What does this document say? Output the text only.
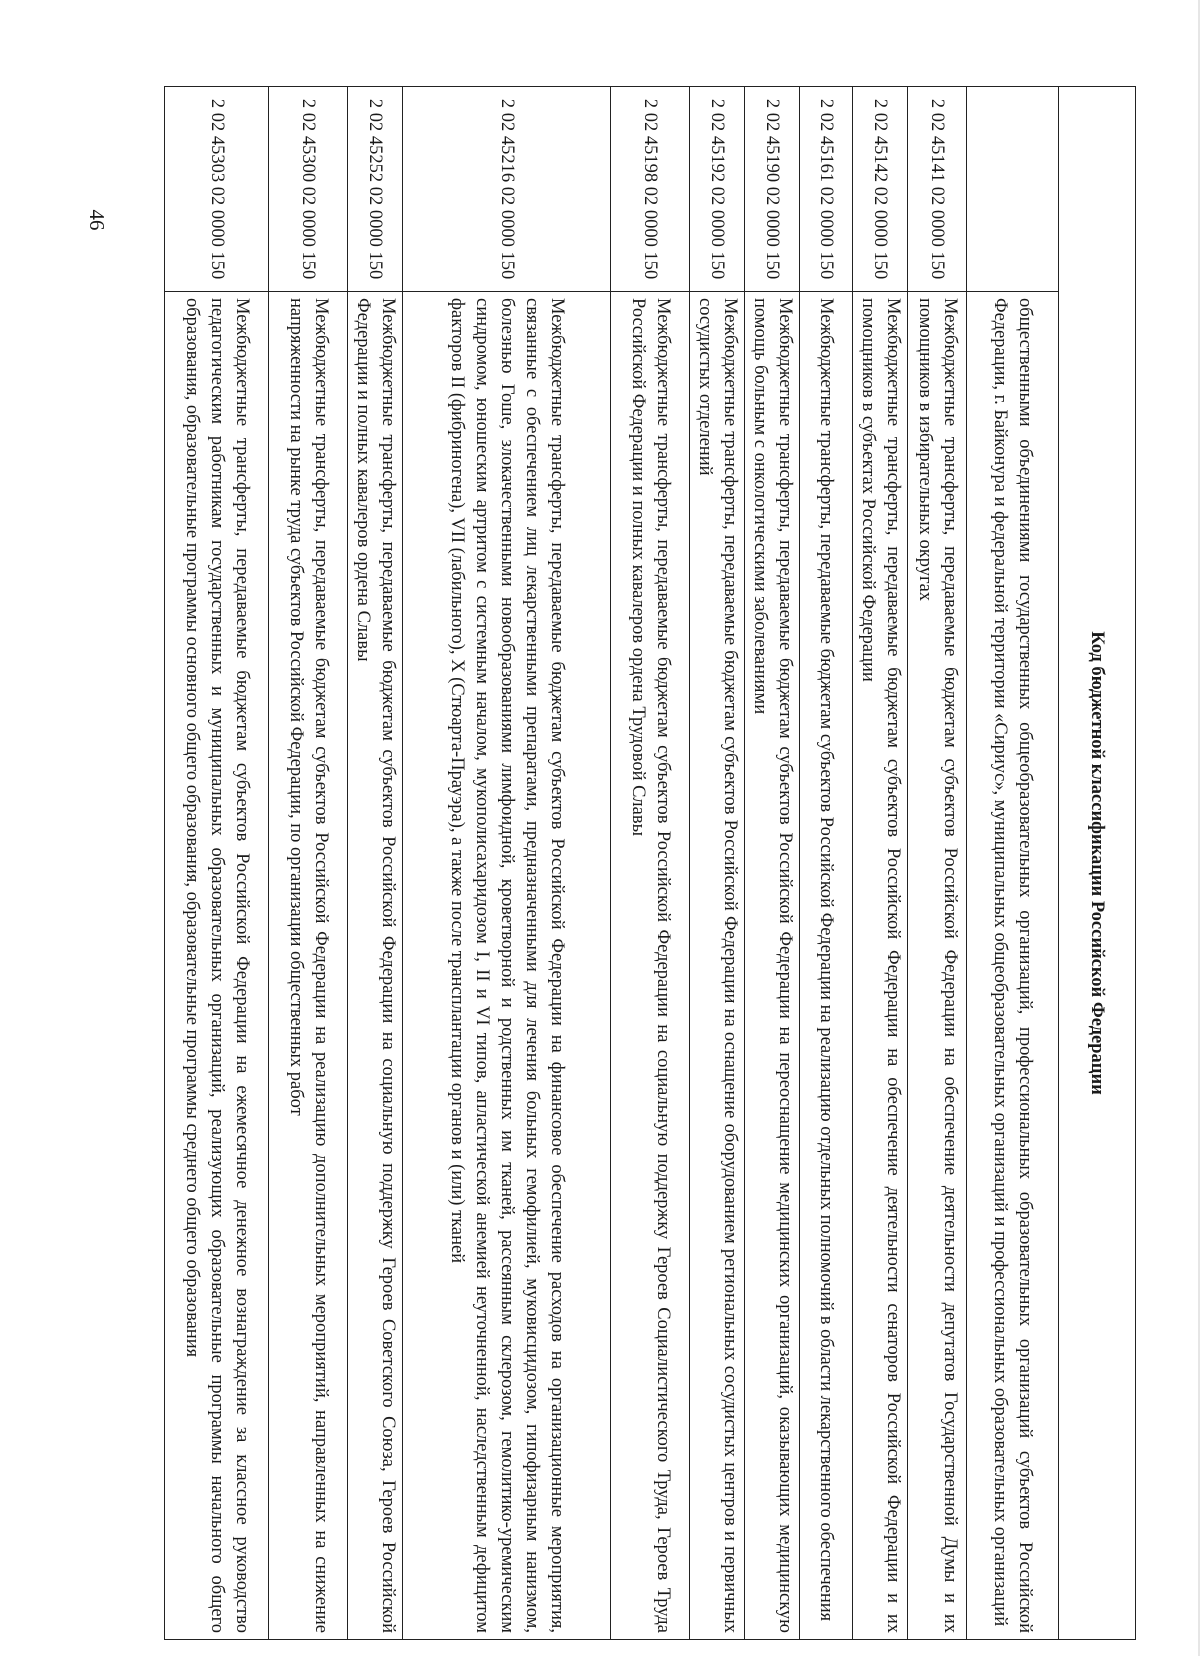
46
Код бюджетной классификации Российской Федерации	
	общественными объединениями государственных общеобразовательных организаций, профессиональных образовательных организаций субъектов Российской Федерации, г. Байконура и федеральной территории «Сириус», муниципальных общеобразовательных организаций и профессиональных образовательных организаций
2 02 45141 02 0000 150	Межбюджетные трансферты, передаваемые бюджетам субъектов Российской Федерации на обеспечение деятельности депутатов Государственной Думы и их помощников в избирательных округах
2 02 45142 02 0000 150	Межбюджетные трансферты, передаваемые бюджетам субъектов Российской Федерации на обеспечение деятельности сенаторов Российской Федерации и их помощников в субъектах Российской Федерации
2 02 45161 02 0000 150	Межбюджетные трансферты, передаваемые бюджетам субъектов Российской Федерации на реализацию отдельных полномочий в области лекарственного обеспечения
2 02 45190 02 0000 150	Межбюджетные трансферты, передаваемые бюджетам субъектов Российской Федерации на переоснащение медицинских организаций, оказывающих медицинскую помощь больным с онкологическими заболеваниями
2 02 45192 02 0000 150	Межбюджетные трансферты, передаваемые бюджетам субъектов Российской Федерации на оснащение оборудованием региональных сосудистых центров и первичных сосудистых отделений
2 02 45198 02 0000 150	Межбюджетные трансферты, передаваемые бюджетам субъектов Российской Федерации на социальную поддержку Героев Социалистического Труда, Героев Труда Российской Федерации и полных кавалеров ордена Трудовой Славы
2 02 45216 02 0000 150	Межбюджетные трансферты, передаваемые бюджетам субъектов Российской Федерации на финансовое обеспечение расходов на организационные мероприятия, связанные с обеспечением лиц лекарственными препаратами, предназначенными для лечения больных гемофилией, муковисцидозом, гипофизарным нанизмом, болезнью Гоше, злокачественными новообразованиями лимфоидной, кроветворной и родственных им тканей, рассеянным склерозом, гемолитико-уремическим синдромом, юношеским артритом с системным началом, мукополисахаридозом I, II и VI типов, апластической анемией неуточненной, наследственным дефицитом факторов II (фибриногена), VII (лабильного), X (Стюарта-Прауэра), а также после трансплантации органов и (или) тканей
2 02 45252 02 0000 150	Межбюджетные трансферты, передаваемые бюджетам субъектов Российской Федерации на социальную поддержку Героев Советского Союза, Героев Российской Федерации и полных кавалеров ордена Славы
2 02 45300 02 0000 150	Межбюджетные трансферты, передаваемые бюджетам субъектов Российской Федерации на реализацию дополнительных мероприятий, направленных на снижение напряженности на рынке труда субъектов Российской Федерации, по организации общественных работ
2 02 45303 02 0000 150	Межбюджетные трансферты, передаваемые бюджетам субъектов Российской Федерации на ежемесячное денежное вознаграждение за классное руководство педагогическим работникам государственных и муниципальных образовательных организаций, реализующих образовательные программы начального общего образования, образовательные программы основного общего образования, образовательные программы среднего общего образования
